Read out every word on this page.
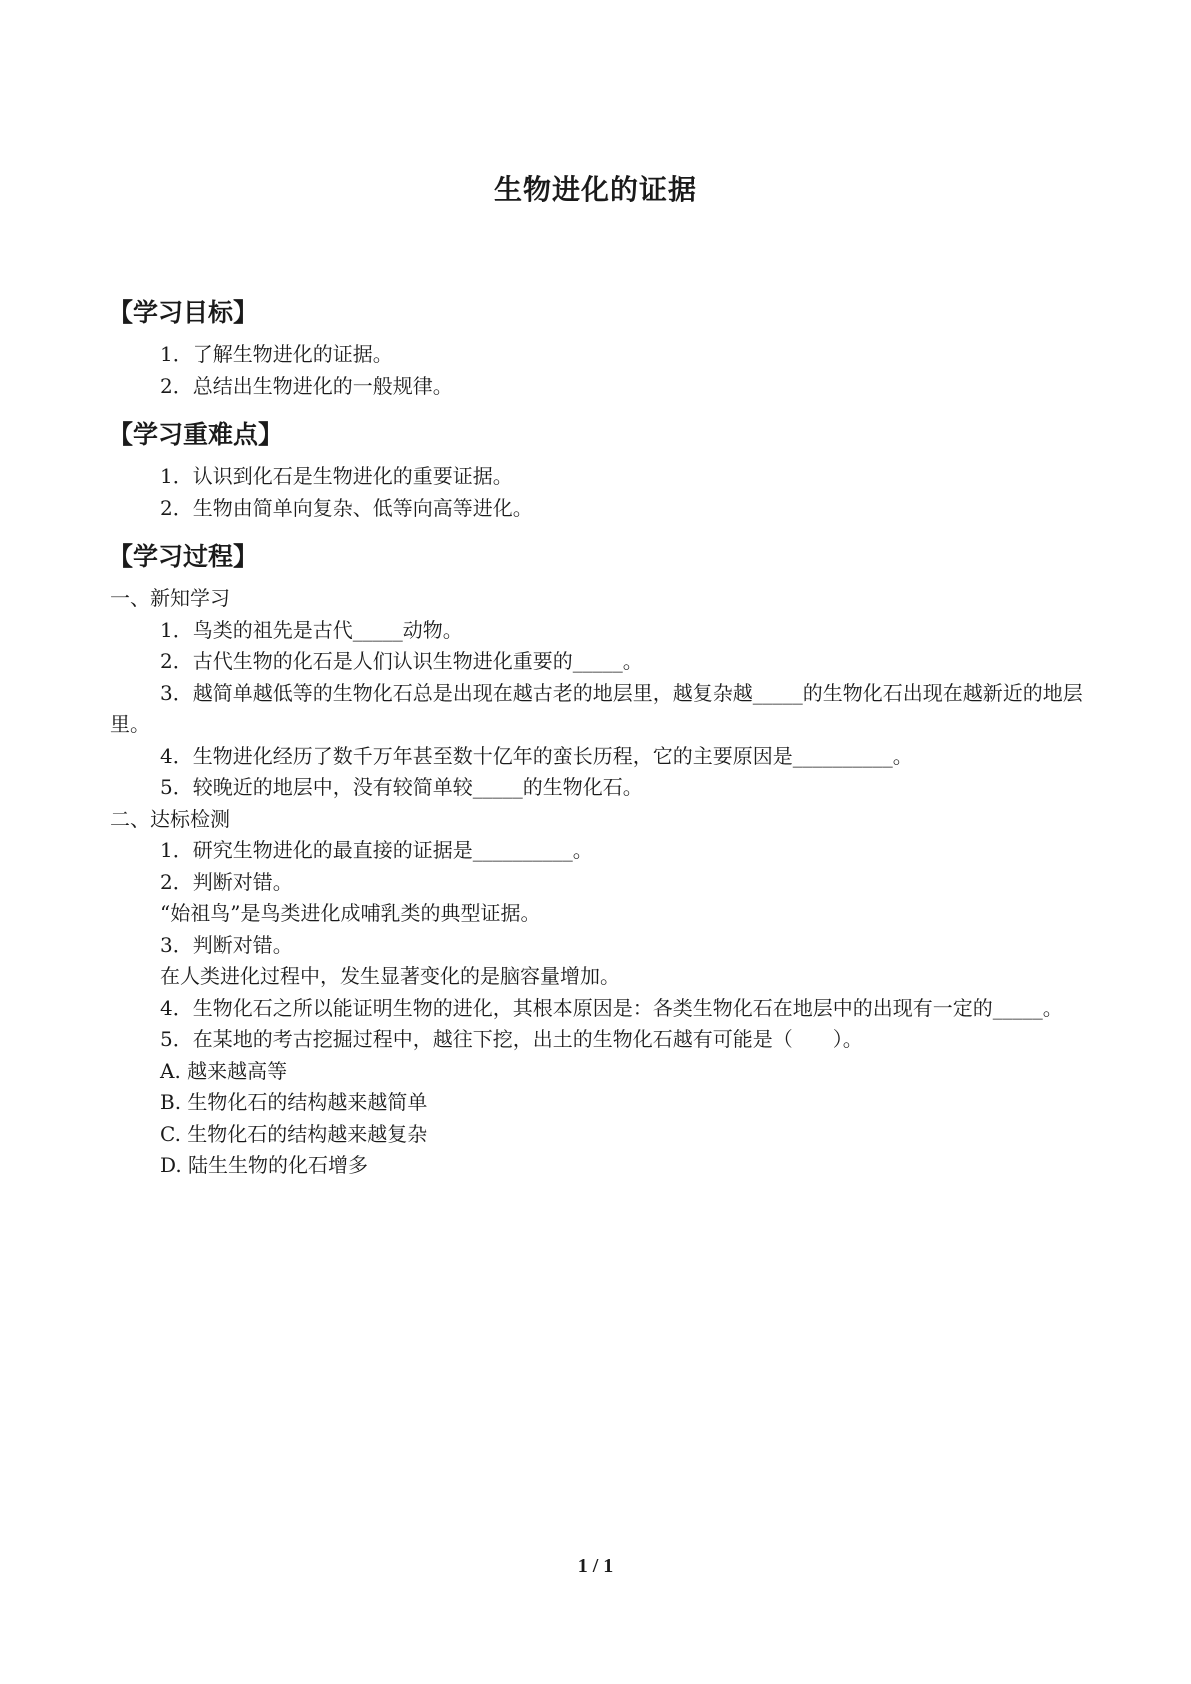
生物进化的证据
【学习目标】
1．了解生物进化的证据。
2．总结出生物进化的一般规律。
【学习重难点】
1．认识到化石是生物进化的重要证据。
2．生物由简单向复杂、低等向高等进化。
【学习过程】
一、新知学习
1．鸟类的祖先是古代_____动物。
2．古代生物的化石是人们认识生物进化重要的_____。
3．越简单越低等的生物化石总是出现在越古老的地层里，越复杂越_____的生物化石出现在越新近的地层里。
4．生物进化经历了数千万年甚至数十亿年的蛮长历程，它的主要原因是__________。
5．较晚近的地层中，没有较简单较_____的生物化石。
二、达标检测
1．研究生物进化的最直接的证据是__________。
2．判断对错。
“始祖鸟”是鸟类进化成哺乳类的典型证据。
3．判断对错。
在人类进化过程中，发生显著变化的是脑容量增加。
4．生物化石之所以能证明生物的进化，其根本原因是：各类生物化石在地层中的出现有一定的_____。
5．在某地的考古挖掘过程中，越往下挖，出土的生物化石越有可能是（　　）。
A. 越来越高等
B. 生物化石的结构越来越简单
C. 生物化石的结构越来越复杂
D. 陆生生物的化石增多
1 / 1
